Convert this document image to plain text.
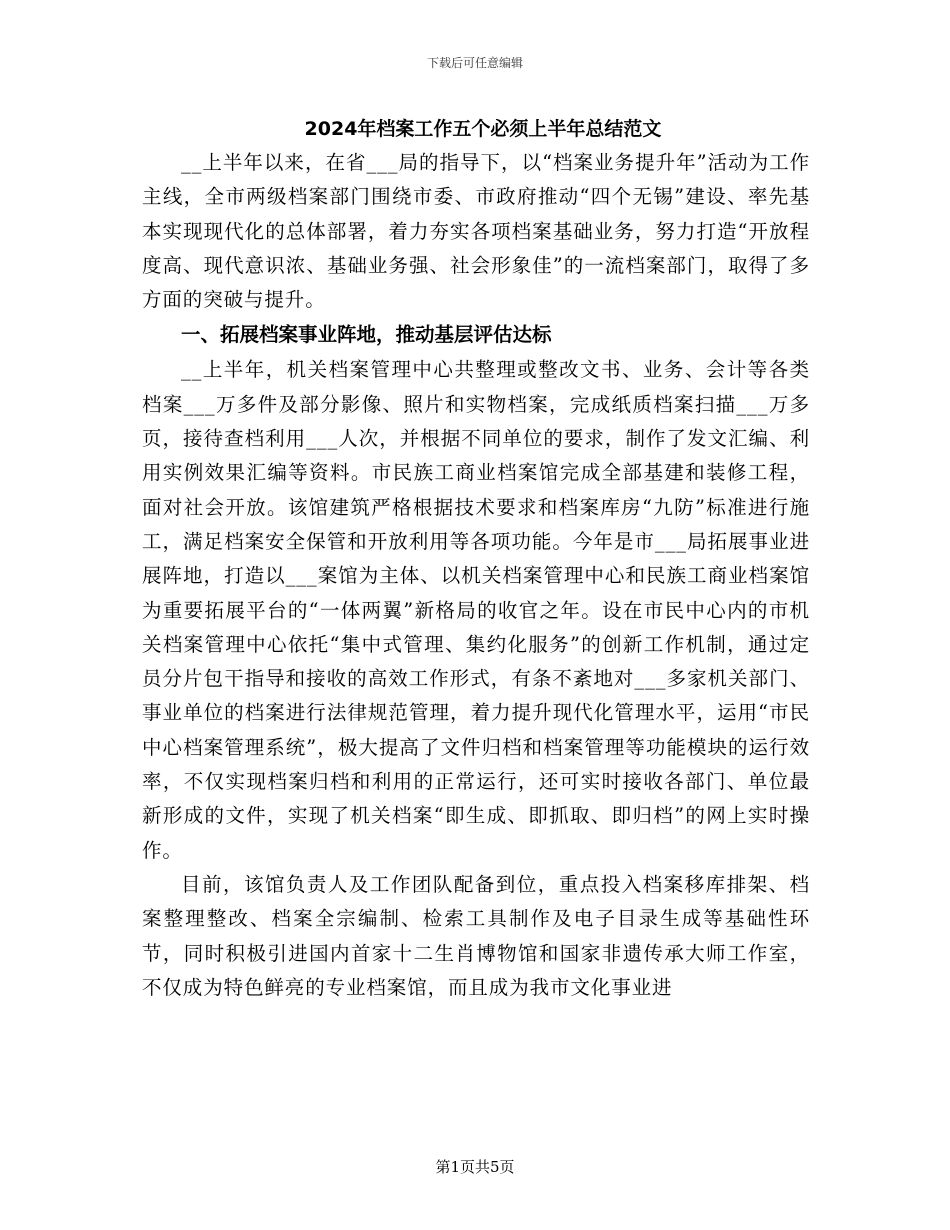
下载后可任意编辑
2024年档案工作五个必须上半年总结范文

__上半年以来，在省___局的指导下，以“档案业务提升年”活动为工作主线，全市两级档案部门围绕市委、市政府推动“四个无锡”建设、率先基本实现现代化的总体部署，着力夯实各项档案基础业务，努力打造“开放程度高、现代意识浓、基础业务强、社会形象佳”的一流档案部门，取得了多方面的突破与提升。

一、拓展档案事业阵地，推动基层评估达标

__上半年，机关档案管理中心共整理或整改文书、业务、会计等各类档案___万多件及部分影像、照片和实物档案，完成纸质档案扫描___万多页，接待查档利用___人次，并根据不同单位的要求，制作了发文汇编、利用实例效果汇编等资料。市民族工商业档案馆完成全部基建和装修工程，面对社会开放。该馆建筑严格根据技术要求和档案库房“九防”标准进行施工，满足档案安全保管和开放利用等各项功能。今年是市___局拓展事业进展阵地，打造以___案馆为主体、以机关档案管理中心和民族工商业档案馆为重要拓展平台的“一体两翼”新格局的收官之年。设在市民中心内的市机关档案管理中心依托“集中式管理、集约化服务”的创新工作机制，通过定员分片包干指导和接收的高效工作形式，有条不紊地对___多家机关部门、事业单位的档案进行法律规范管理，着力提升现代化管理水平，运用“市民中心档案管理系统”，极大提高了文件归档和档案管理等功能模块的运行效率，不仅实现档案归档和利用的正常运行，还可实时接收各部门、单位最新形成的文件，实现了机关档案“即生成、即抓取、即归档”的网上实时操作。

目前，该馆负责人及工作团队配备到位，重点投入档案移库排架、档案整理整改、档案全宗编制、检索工具制作及电子目录生成等基础性环节，同时积极引进国内首家十二生肖博物馆和国家非遗传承大师工作室，不仅成为特色鲜亮的专业档案馆，而且成为我市文化事业进

第1页共5页
